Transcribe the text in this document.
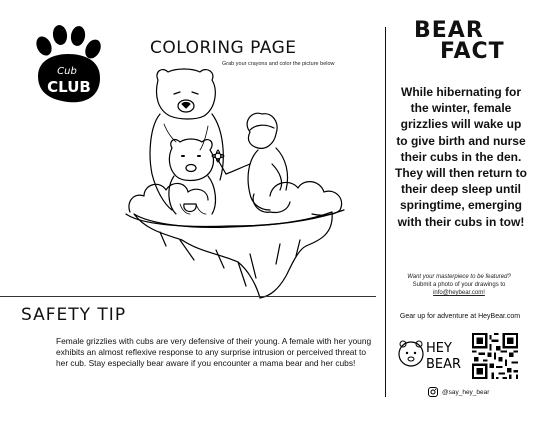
Cub
CLUB
COLORING PAGE
Grab your crayons and color the picture below
BEAR
FACT
While hibernating for the winter, female grizzlies will wake up to give birth and nurse their cubs in the den. They will then return to their deep sleep until springtime, emerging with their cubs in tow!
Want your masterpiece to be featured?
Submit a photo of your drawings to
info@heybear.com!
Gear up for adventure at HeyBear.com
HEY
BEAR
@say_hey_bear
SAFETY TIP
Female grizzlies with cubs are very defensive of their young. A female with her young exhibits an almost reflexive response to any surprise intrusion or perceived threat to her cub. Stay especially bear aware if you encounter a mama bear and her cubs!
